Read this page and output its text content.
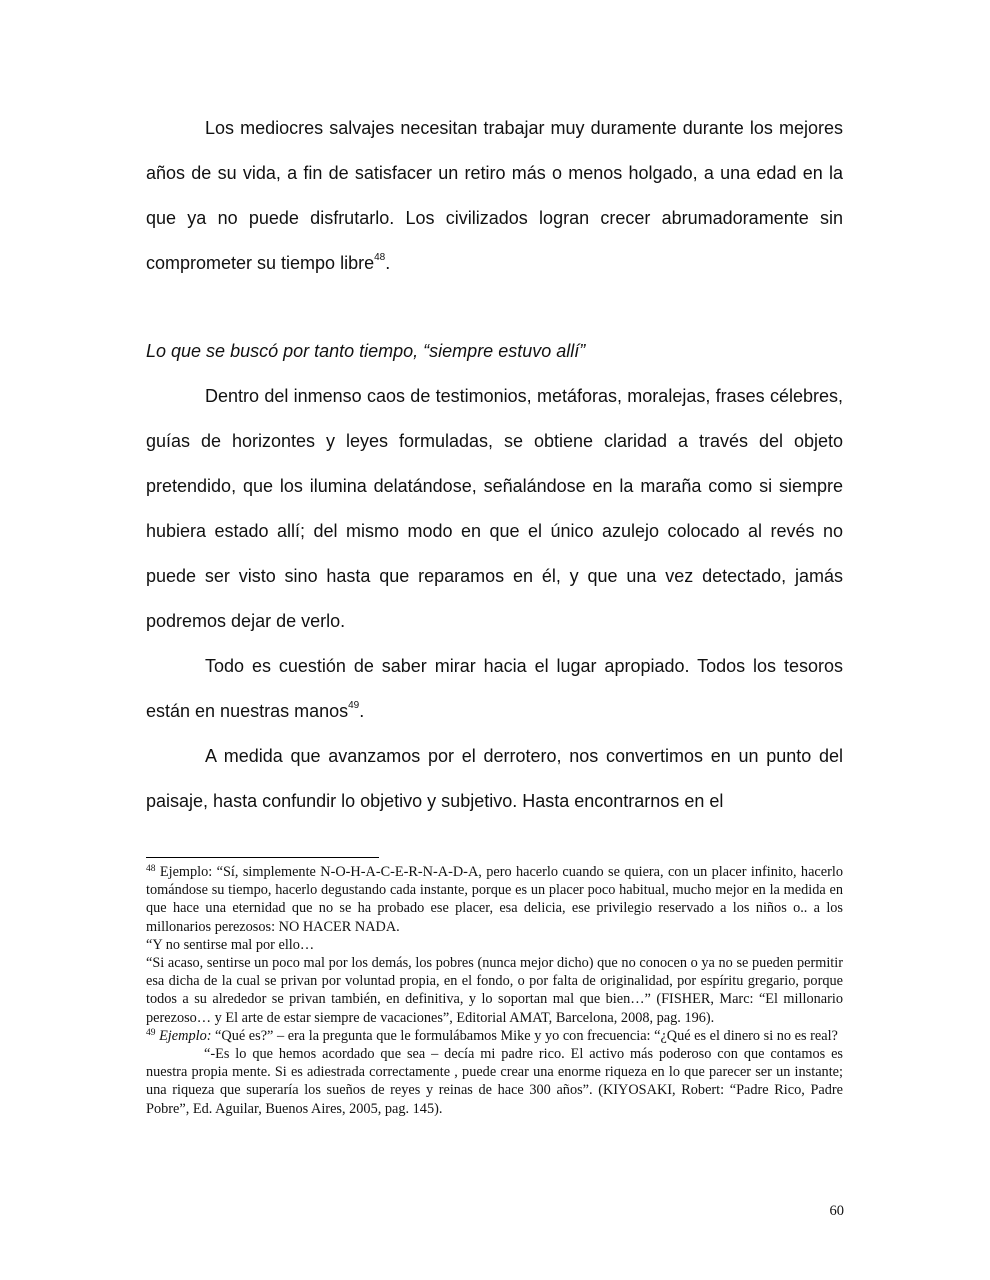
Los mediocres salvajes necesitan trabajar muy duramente durante los mejores años de su vida, a fin de satisfacer un retiro más o menos holgado, a una edad en la que ya no puede disfrutarlo. Los civilizados logran crecer abrumadoramente sin comprometer su tiempo libre$^{48}$.

Lo que se buscó por tanto tiempo, “siempre estuvo allí”

Dentro del inmenso caos de testimonios, metáforas, moralejas, frases célebres, guías de horizontes y leyes formuladas, se obtiene claridad a través del objeto pretendido, que los ilumina delatándose, señalándose en la maraña como si siempre hubiera estado allí; del mismo modo en que el único azulejo colocado al revés no puede ser visto sino hasta que reparamos en él, y que una vez detectado, jamás podremos dejar de verlo.

Todo es cuestión de saber mirar hacia el lugar apropiado. Todos los tesoros están en nuestras manos$^{49}$.

A medida que avanzamos por el derrotero, nos convertimos en un punto del paisaje, hasta confundir lo objetivo y subjetivo. Hasta encontrarnos en el

$^{48}$ Ejemplo: “Sí, simplemente N-O-H-A-C-E-R-N-A-D-A, pero hacerlo cuando se quiera, con un placer infinito, hacerlo tomándose su tiempo, hacerlo degustando cada instante, porque es un placer poco habitual, mucho mejor en la medida en que hace una eternidad que no se ha probado ese placer, esa delicia, ese privilegio reservado a los niños o.. a los millonarios perezosos: NO HACER NADA.

“Y no sentirse mal por ello…

“Si acaso, sentirse un poco mal por los demás, los pobres (nunca mejor dicho) que no conocen o ya no se pueden permitir esa dicha de la cual se privan por voluntad propia, en el fondo, o por falta de originalidad, por espíritu gregario, porque todos a su alrededor se privan también, en definitiva, y lo soportan mal que bien…” (FISHER, Marc: “El millonario perezoso… y El arte de estar siempre de vacaciones”, Editorial AMAT, Barcelona, 2008, pag. 196).

$^{49}$ Ejemplo: “Qué es?” – era la pregunta que le formulábamos Mike y yo con frecuencia: “¿Qué es el dinero si no es real?

“-Es lo que hemos acordado que sea – decía mi padre rico. El activo más poderoso con que contamos es nuestra propia mente. Si es adiestrada correctamente , puede crear una enorme riqueza en lo que parecer ser un instante; una riqueza que superaría los sueños de reyes y reinas de hace 300 años”. (KIYOSAKI, Robert: “Padre Rico, Padre Pobre”, Ed. Aguilar, Buenos Aires, 2005, pag. 145).

60
